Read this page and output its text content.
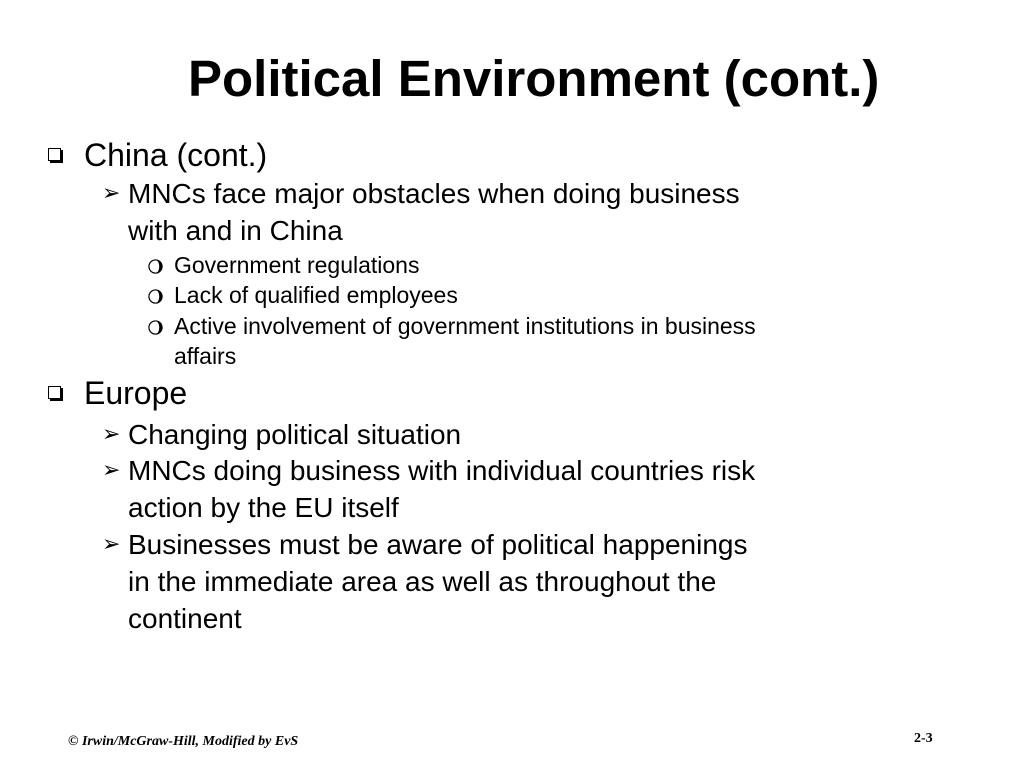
Political Environment (cont.)
China (cont.)
➢ MNCs face major obstacles when doing business
with and in China
Government regulations
Lack of qualified employees
Active involvement of government institutions in business
affairs
Europe
➢ Changing political situation
➢ MNCs doing business with individual countries risk
action by the EU itself
➢ Businesses must be aware of political happenings
in the immediate area as well as throughout the
continent
© Irwin/McGraw-Hill, Modified by EvS	2-3
